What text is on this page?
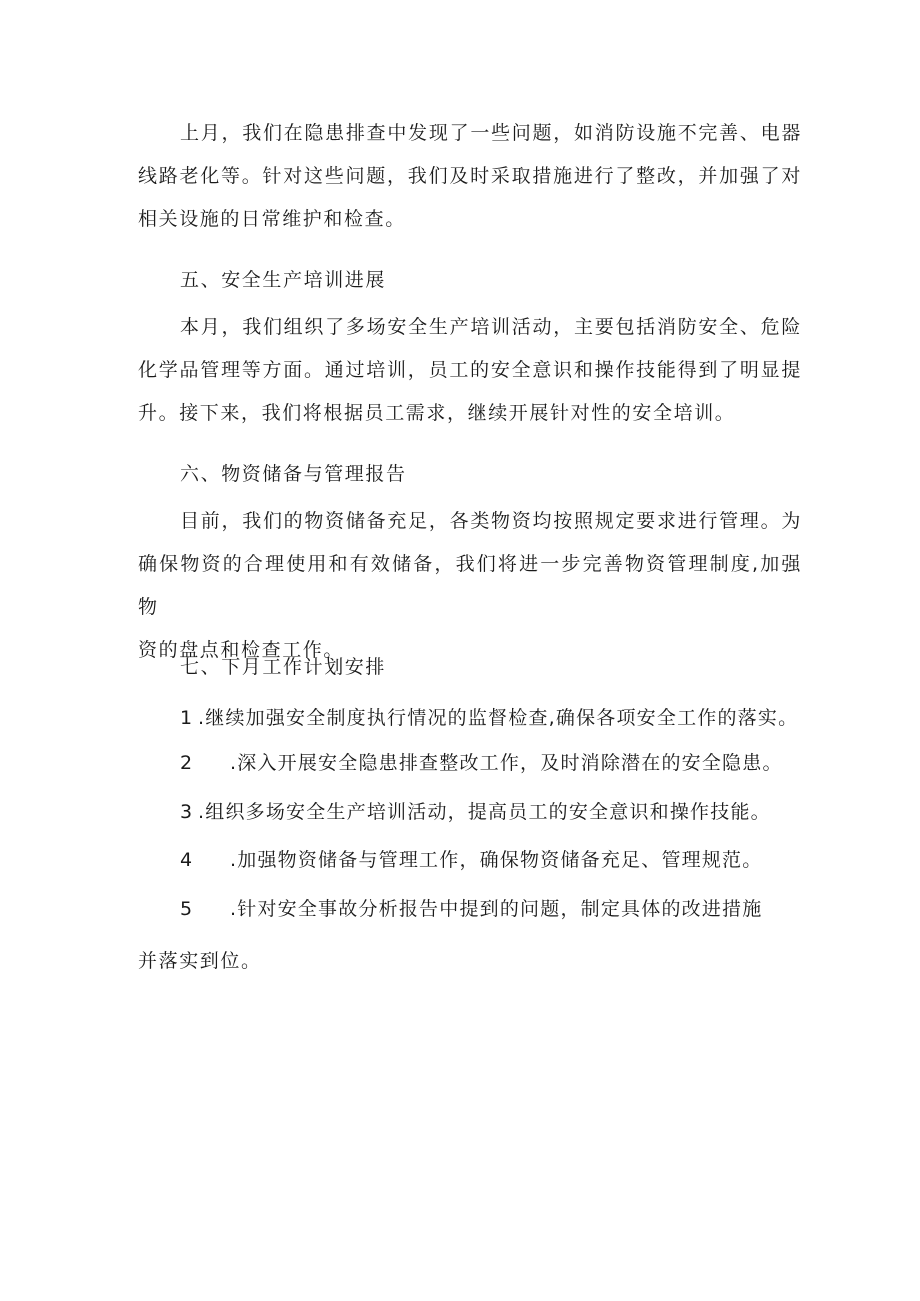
上月，我们在隐患排查中发现了一些问题，如消防设施不完善、电器
线路老化等。针对这些问题，我们及时采取措施进行了整改，并加强了对
相关设施的日常维护和检查。

五、安全生产培训进展

本月，我们组织了多场安全生产培训活动，主要包括消防安全、危险
化学品管理等方面。通过培训，员工的安全意识和操作技能得到了明显提
升。接下来，我们将根据员工需求，继续开展针对性的安全培训。

六、物资储备与管理报告

目前，我们的物资储备充足，各类物资均按照规定要求进行管理。为
确保物资的合理使用和有效储备，我们将进一步完善物资管理制度,加强物
资的盘点和检查工作。

七、下月工作计划安排

1 .继续加强安全制度执行情况的监督检查,确保各项安全工作的落实。

2 .深入开展安全隐患排查整改工作，及时消除潜在的安全隐患。

3 .组织多场安全生产培训活动，提高员工的安全意识和操作技能。

4 .加强物资储备与管理工作，确保物资储备充足、管理规范。

5 .针对安全事故分析报告中提到的问题，制定具体的改进措施

并落实到位。
